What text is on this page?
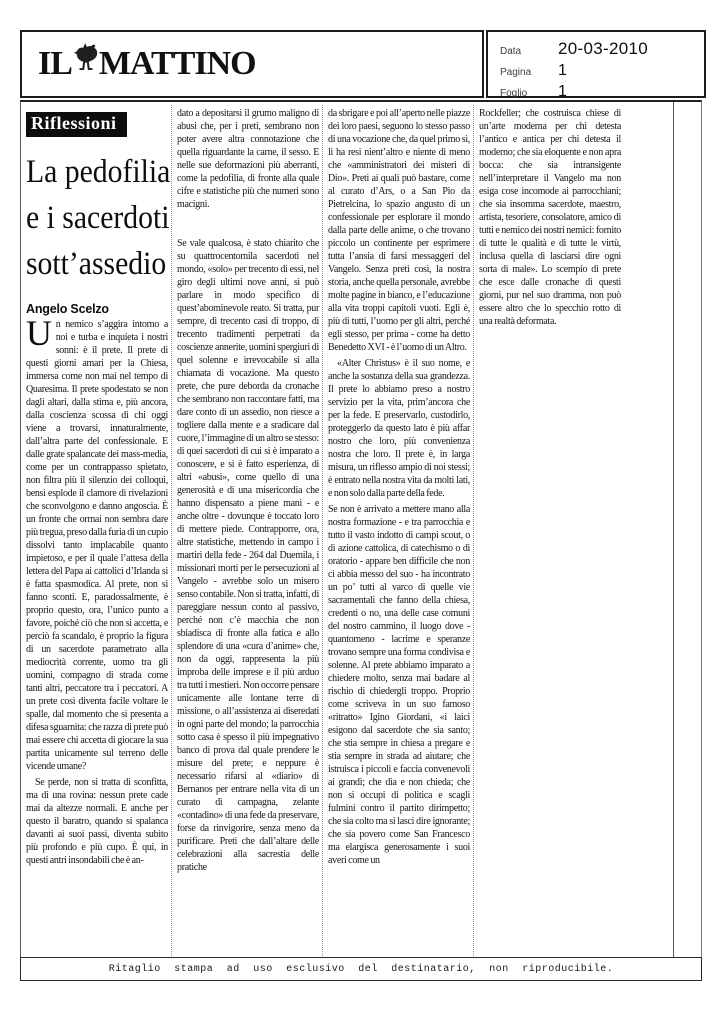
IL MATTINO	Data	20-03-2010
Pagina	1
Foglio	1
Riflessioni
La pedofilia
e i sacerdoti
sott’assedio
Angelo Scelzo

Un nemico s’aggira intorno a noi e turba e inquieta i nostri sonni: è il prete. Il prete di questi giorni amari per la Chiesa, immersa come non mai nel tempo di Quaresima. Il prete spodestato se non dagli altari, dalla stima e, più ancora, dalla coscienza scossa di chi oggi viene a trovarsi, innaturalmente, dall’altra parte del confessionale. E dalle grate spalancate dei mass-media, come per un contrappasso spietato, non filtra più il silenzio dei colloqui, bensì esplode il clamore di rivelazioni che sconvolgono e danno angoscia. È un fronte che ormai non sembra dare più tregua, preso dalla furia di un cupio dissolvi tanto implacabile quanto impietoso, e per il quale l’attesa della lettera del Papa ai cattolici d’Irlanda si è fatta spasmodica. Al prete, non si fanno sconti. E, paradossalmente, è proprio questo, ora, l’unico punto a favore, poiché ciò che non si accetta, e perciò fa scandalo, è proprio la figura di un sacerdote parametrato alla mediocrità corrente, uomo tra gli uomini, compagno di strada come tanti altri, peccatore tra i peccatori. A un prete così diventa facile voltare le spalle, dal momento che si presenta a difesa sguarnita: che razza di prete può mai essere chi accetta di giocare la sua partita unicamente sul terreno delle vicende umane?

Se perde, non si tratta di sconfitta, ma di una rovina: nessun prete cade mai da altezze normali. E anche per questo il baratro, quando si spalanca davanti ai suoi passi, diventa subito più profondo e più cupo. È qui, in questi antri insondabili che è an-

dato a depositarsi il grumo maligno di abusi che, per i preti, sembrano non poter avere altra connotazione che quella riguardante la carne, il sesso. E nelle sue deformazioni più aberranti, come la pedofilia, di fronte alla quale cifre e statistiche più che numeri sono macigni.

Se vale qualcosa, è stato chiarito che su quattrocentomila sacerdoti nel mondo, «solo» per trecento di essi, nel giro degli ultimi nove anni, si può parlare in modo specifico di quest’abominevole reato. Si tratta, pur sempre, di trecento casi di troppo, di trecento tradimenti perpetrati da coscienze annerite, uomini spergiuri di quel solenne e irrevocabile sì alla chiamata di vocazione. Ma questo prete, che pure deborda da cronache che sembrano non raccontare fatti, ma dare conto di un assedio, non riesce a togliere dalla mente e a sradicare dal cuore, l’immagine di un altro se stesso: di quei sacerdoti di cui si è imparato a conoscere, e si è fatto esperienza, di altri «abusi», come quello di una generosità e di una misericordia che hanno dispensato a piene mani - e anche oltre - dovunque è toccato loro di mettere piede. Contrapporre, ora, altre statistiche, mettendo in campo i martiri della fede - 264 dal Duemila, i missionari morti per le persecuzioni al Vangelo - avrebbe solo un misero senso contabile. Non si tratta, infatti, di pareggiare nessun conto al passivo, perché non c’è macchia che non sbiadisca di fronte alla fatica e allo splendore di una «cura d’anime» che, non da oggi, rappresenta la più improba delle imprese e il più arduo tra tutti i mestieri. Non occorre pensare unicamente alle lontane terre di missione, o all’assistenza ai diseredati in ogni parte del mondo; la parrocchia sotto casa è spesso il più impegnativo banco di prova dal quale prendere le misure del prete; e neppure è necessario rifarsi al «diario» di Bernanos per entrare nella vita di un curato di campagna, zelante «contadino» di una fede da preservare, forse da rinvigorire, senza meno da purificare. Preti che dall’altare delle celebrazioni alla sacrestia delle pratiche

da sbrigare e poi all’aperto nelle piazze dei loro paesi, seguono lo stesso passo di una vocazione che, da quel primo sì, li ha resi nient’altro e niente di meno che «amministratori dei misteri di Dio». Preti ai quali può bastare, come al curato d’Ars, o a San Pio da Pietrelcina, lo spazio angusto di un confessionale per esplorare il mondo dalla parte delle anime, o che trovano piccolo un continente per esprimere tutta l’ansia di farsi messaggeri del Vangelo. Senza preti così, la nostra storia, anche quella personale, avrebbe molte pagine in bianco, e l’educazione alla vita troppi capitoli vuoti. Egli è, più di tutti, l’uomo per gli altri, perché egli stesso, per prima - come ha detto Benedetto XVI - è l’uomo di un Altro.

«Alter Christus» è il suo nome, e anche la sostanza della sua grandezza. Il prete lo abbiamo preso a nostro servizio per la vita, prim’ancora che per la fede. E preservarlo, custodirlo, proteggerlo da questo lato è più affar nostro che loro, più convenienza nostra che loro. Il prete è, in larga misura, un riflesso ampio di noi stessi; è entrato nella nostra vita da molti lati, e non solo dalla parte della fede.

Se non è arrivato a mettere mano alla nostra formazione - e tra parrocchia e tutto il vasto indotto di campi scout, o di azione cattolica, di catechismo o di oratorio - appare ben difficile che non ci abbia messo del suo - ha incontrato un po’ tutti al varco di quelle vie sacramentali che fanno della chiesa, credenti o no, una delle case comuni del nostro cammino, il luogo dove - quantomeno - lacrime e speranze trovano sempre una forma condivisa e solenne. Al prete abbiamo imparato a chiedere molto, senza mai badare al rischio di chiedergli troppo. Proprio come scriveva in un suo famoso «ritratto» Igino Giordani, «i laici esigono dal sacerdote che sia santo; che stia sempre in chiesa a pregare e stia sempre in strada ad aiutare; che istruisca i piccoli e faccia convenevoli ai grandi; che dia e non chieda; che non si occupi di politica e scagli fulmini contro il partito dirimpetto; che sia colto ma si lasci dire ignorante; che sia povero come San Francesco ma elargisca generosamente i suoi averi come un

Rockfeller; che costruisca chiese di un’arte moderna per chi detesta l’antico e antica per chi detesta il moderno; che sia eloquente e non apra bocca: che sia intransigente nell’interpretare il Vangelo ma non esiga cose incomode ai parrocchiani; che sia insomma sacerdote, maestro, artista, tesoriere, consolatore, amico di tutti e nemico dei nostri nemici: fornito di tutte le qualità e di tutte le virtù, inclusa quella di lasciarsi dire ogni sorta di male». Lo scempio di prete che esce dalle cronache di questi giorni, pur nel suo dramma, non può essere altro che lo specchio rotto di una realtà deformata.

Ritaglio stampa ad uso esclusivo del destinatario, non riproducibile.
